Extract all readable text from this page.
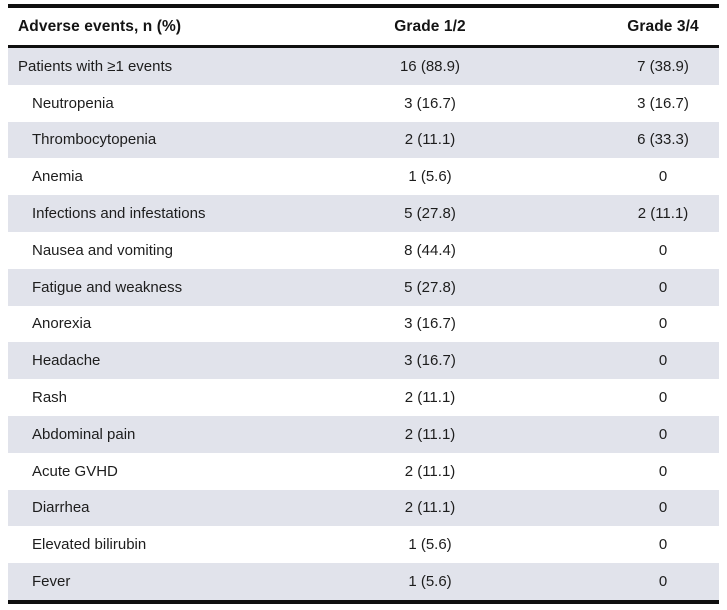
Adverse events, n (%)	Grade 1/2	Grade 3/4
Patients with ≥1 events	16 (88.9)	7 (38.9)
Neutropenia	3 (16.7)	3 (16.7)
Thrombocytopenia	2 (11.1)	6 (33.3)
Anemia	1 (5.6)	0
Infections and infestations	5 (27.8)	2 (11.1)
Nausea and vomiting	8 (44.4)	0
Fatigue and weakness	5 (27.8)	0
Anorexia	3 (16.7)	0
Headache	3 (16.7)	0
Rash	2 (11.1)	0
Abdominal pain	2 (11.1)	0
Acute GVHD	2 (11.1)	0
Diarrhea	2 (11.1)	0
Elevated bilirubin	1 (5.6)	0
Fever	1 (5.6)	0
